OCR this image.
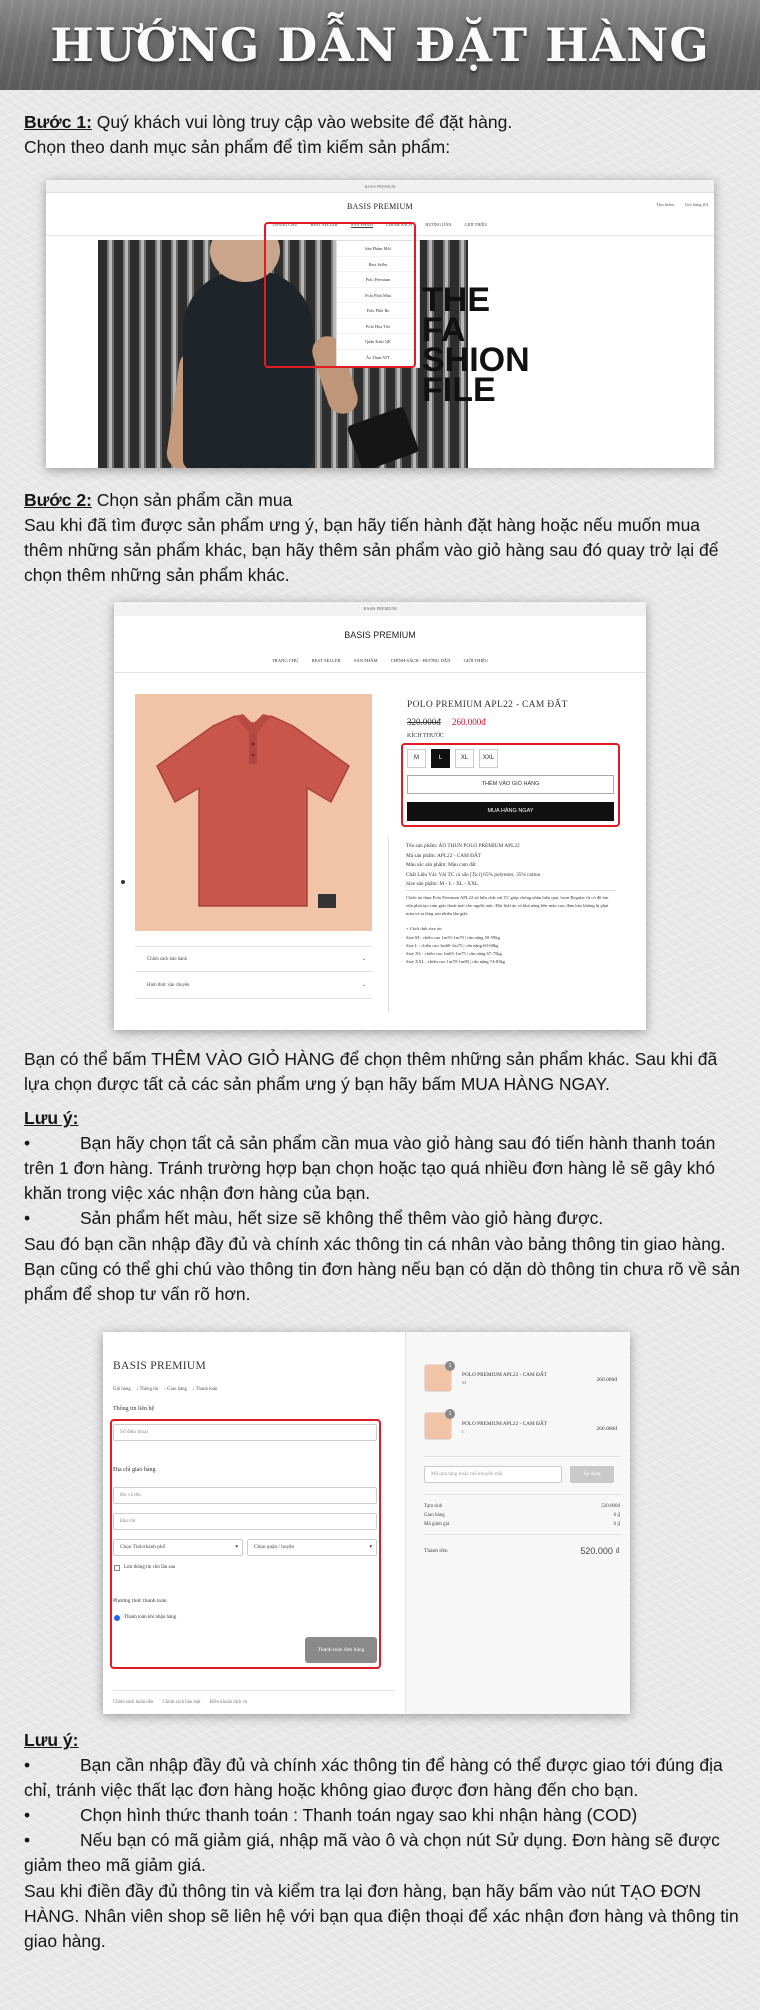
HƯỚNG DẪN ĐẶT HÀNG
Bước 1: Quý khách vui lòng truy cập vào website để đặt hàng.
Chọn theo danh mục sản phẩm để tìm kiếm sản phẩm:
BASIS PREMIUM
BASIS PREMIUM	Tìm kiếm Giỏ hàng (0)
TRANG CHỦ	BEST SELLER	SẢN PHẨM	CHÍNH SÁCH	HƯỚNG DẪN	GIỚI THIỆU
THE
FA
SHION
FILE
Sản Phẩm Mới
Best Seller
Polo Premium
Polo Phối Màu
Polo Phối Bo
Polo Họa Tiết
Quần Kaki QK
Áo Thun ATT
Bước 2: Chọn sản phẩm cần mua
Sau khi đã tìm được sản phẩm ưng ý, bạn hãy tiến hành đặt hàng hoặc nếu muốn mua thêm những sản phẩm khác, bạn hãy thêm sản phẩm vào giỏ hàng sau đó quay trở lại để chọn thêm những sản phẩm khác.
BASIS PREMIUM
BASIS PREMIUM
TRANG CHỦ	BEST SELLER	SẢN PHẨM	CHÍNH SÁCH - HƯỚNG DẪN	GIỚI THIỆU
POLO PREMIUM APL22 - CAM ĐẤT
320.000đ 260.000đ
KÍCH THƯỚC
M	L	XL	XXL
THÊM VÀO GIỎ HÀNG
MUA HÀNG NGAY
Tên sản phẩm: ÁO THUN POLO PREMIUM APL22
Mã sản phẩm: APL22 - CAM ĐẤT
Màu sắc sản phẩm: Màu cam đất
Chất Liệu Vải: Vải TC cá sấu [Tici] 65% polyester, 35% cotton
Size sản phẩm: M - L - XL - XXL
Chiếc áo thun Polo Premium APL22 sử hữu chất vải TC giúp chống nhăn hiệu quả, form Regular fit cổ đồ ôm vừa phải tạo cảm giác thoải mái cho người mặc. Đặc biệt áo có khả năng bền màu cao, đảm bảo không bị phai màu và ra lông sau nhiều lần giặt.
+ Cách tính size áo:
Size M : chiều cao 1m55-1m70 | cân nặng 50-59kg
Size L : chiều cao 1m60-1m75 | cân nặng 60-68kg
Size XL : chiều cao 1m65-1m75 | cân nặng 67-75kg
Size XXL : chiều cao 1m70-1m80 | cân nặng 74-83kg
⌄
Chính sách bảo hành
⌄
Hình thức vận chuyển
Bạn có thể bấm THÊM VÀO GIỎ HÀNG để chọn thêm những sản phẩm khác. Sau khi đã lựa chọn được tất cả các sản phẩm ưng ý bạn hãy bấm MUA HÀNG NGAY.
Lưu ý:
•	Bạn hãy chọn tất cả sản phẩm cần mua vào giỏ hàng sau đó tiến hành thanh toán trên 1 đơn hàng. Tránh trường hợp bạn chọn hoặc tạo quá nhiều đơn hàng lẻ sẽ gây khó khăn trong việc xác nhận đơn hàng của bạn.
•	Sản phẩm hết màu, hết size sẽ không thể thêm vào giỏ hàng được.
Sau đó bạn cần nhập đầy đủ và chính xác thông tin cá nhân vào bảng thông tin giao hàng. Bạn cũng có thể ghi chú vào thông tin đơn hàng nếu bạn có dặn dò thông tin chưa rõ về sản phẩm để shop tư vấn rõ hơn.
BASIS PREMIUM
Giỏ hàng › Thông tin › Giao hàng › Thanh toán
Thông tin liên hệ
Số điện thoại
Địa chỉ giao hàng
Họ và tên
Địa chỉ
Chọn Tỉnh/thành phố	▾	Chọn quận / huyện	▾
Lưu thông tin cho lần sau
Phương thức thanh toán
Thanh toán khi nhận hàng
Thanh toán đơn hàng
Chính sách hoàn tiền Chính sách bảo mật Điều khoản dịch vụ
1
POLO PREMIUM APL22 - CAM ĐẤT
M	260.000đ
1
POLO PREMIUM APL22 - CAM ĐẤT
L	260.000đ
Mã quà tặng hoặc mã khuyến mãi	Áp dụng
Tạm tính	520.000đ
Giao hàng	0 ₫
Mã giảm giá	0 ₫
Thành tiền	520.000 ₫
Lưu ý:
•	Bạn cần nhập đầy đủ và chính xác thông tin để hàng có thể được giao tới đúng địa chỉ, tránh việc thất lạc đơn hàng hoặc không giao được đơn hàng đến cho bạn.
•	Chọn hình thức thanh toán : Thanh toán ngay sao khi nhận hàng (COD)
•	Nếu bạn có mã giảm giá, nhập mã vào ô và chọn nút Sử dụng. Đơn hàng sẽ được giảm theo mã giảm giá.
Sau khi điền đầy đủ thông tin và kiểm tra lại đơn hàng, bạn hãy bấm vào nút TẠO ĐƠN HÀNG. Nhân viên shop sẽ liên hệ với bạn qua điện thoại để xác nhận đơn hàng và thông tin giao hàng.
